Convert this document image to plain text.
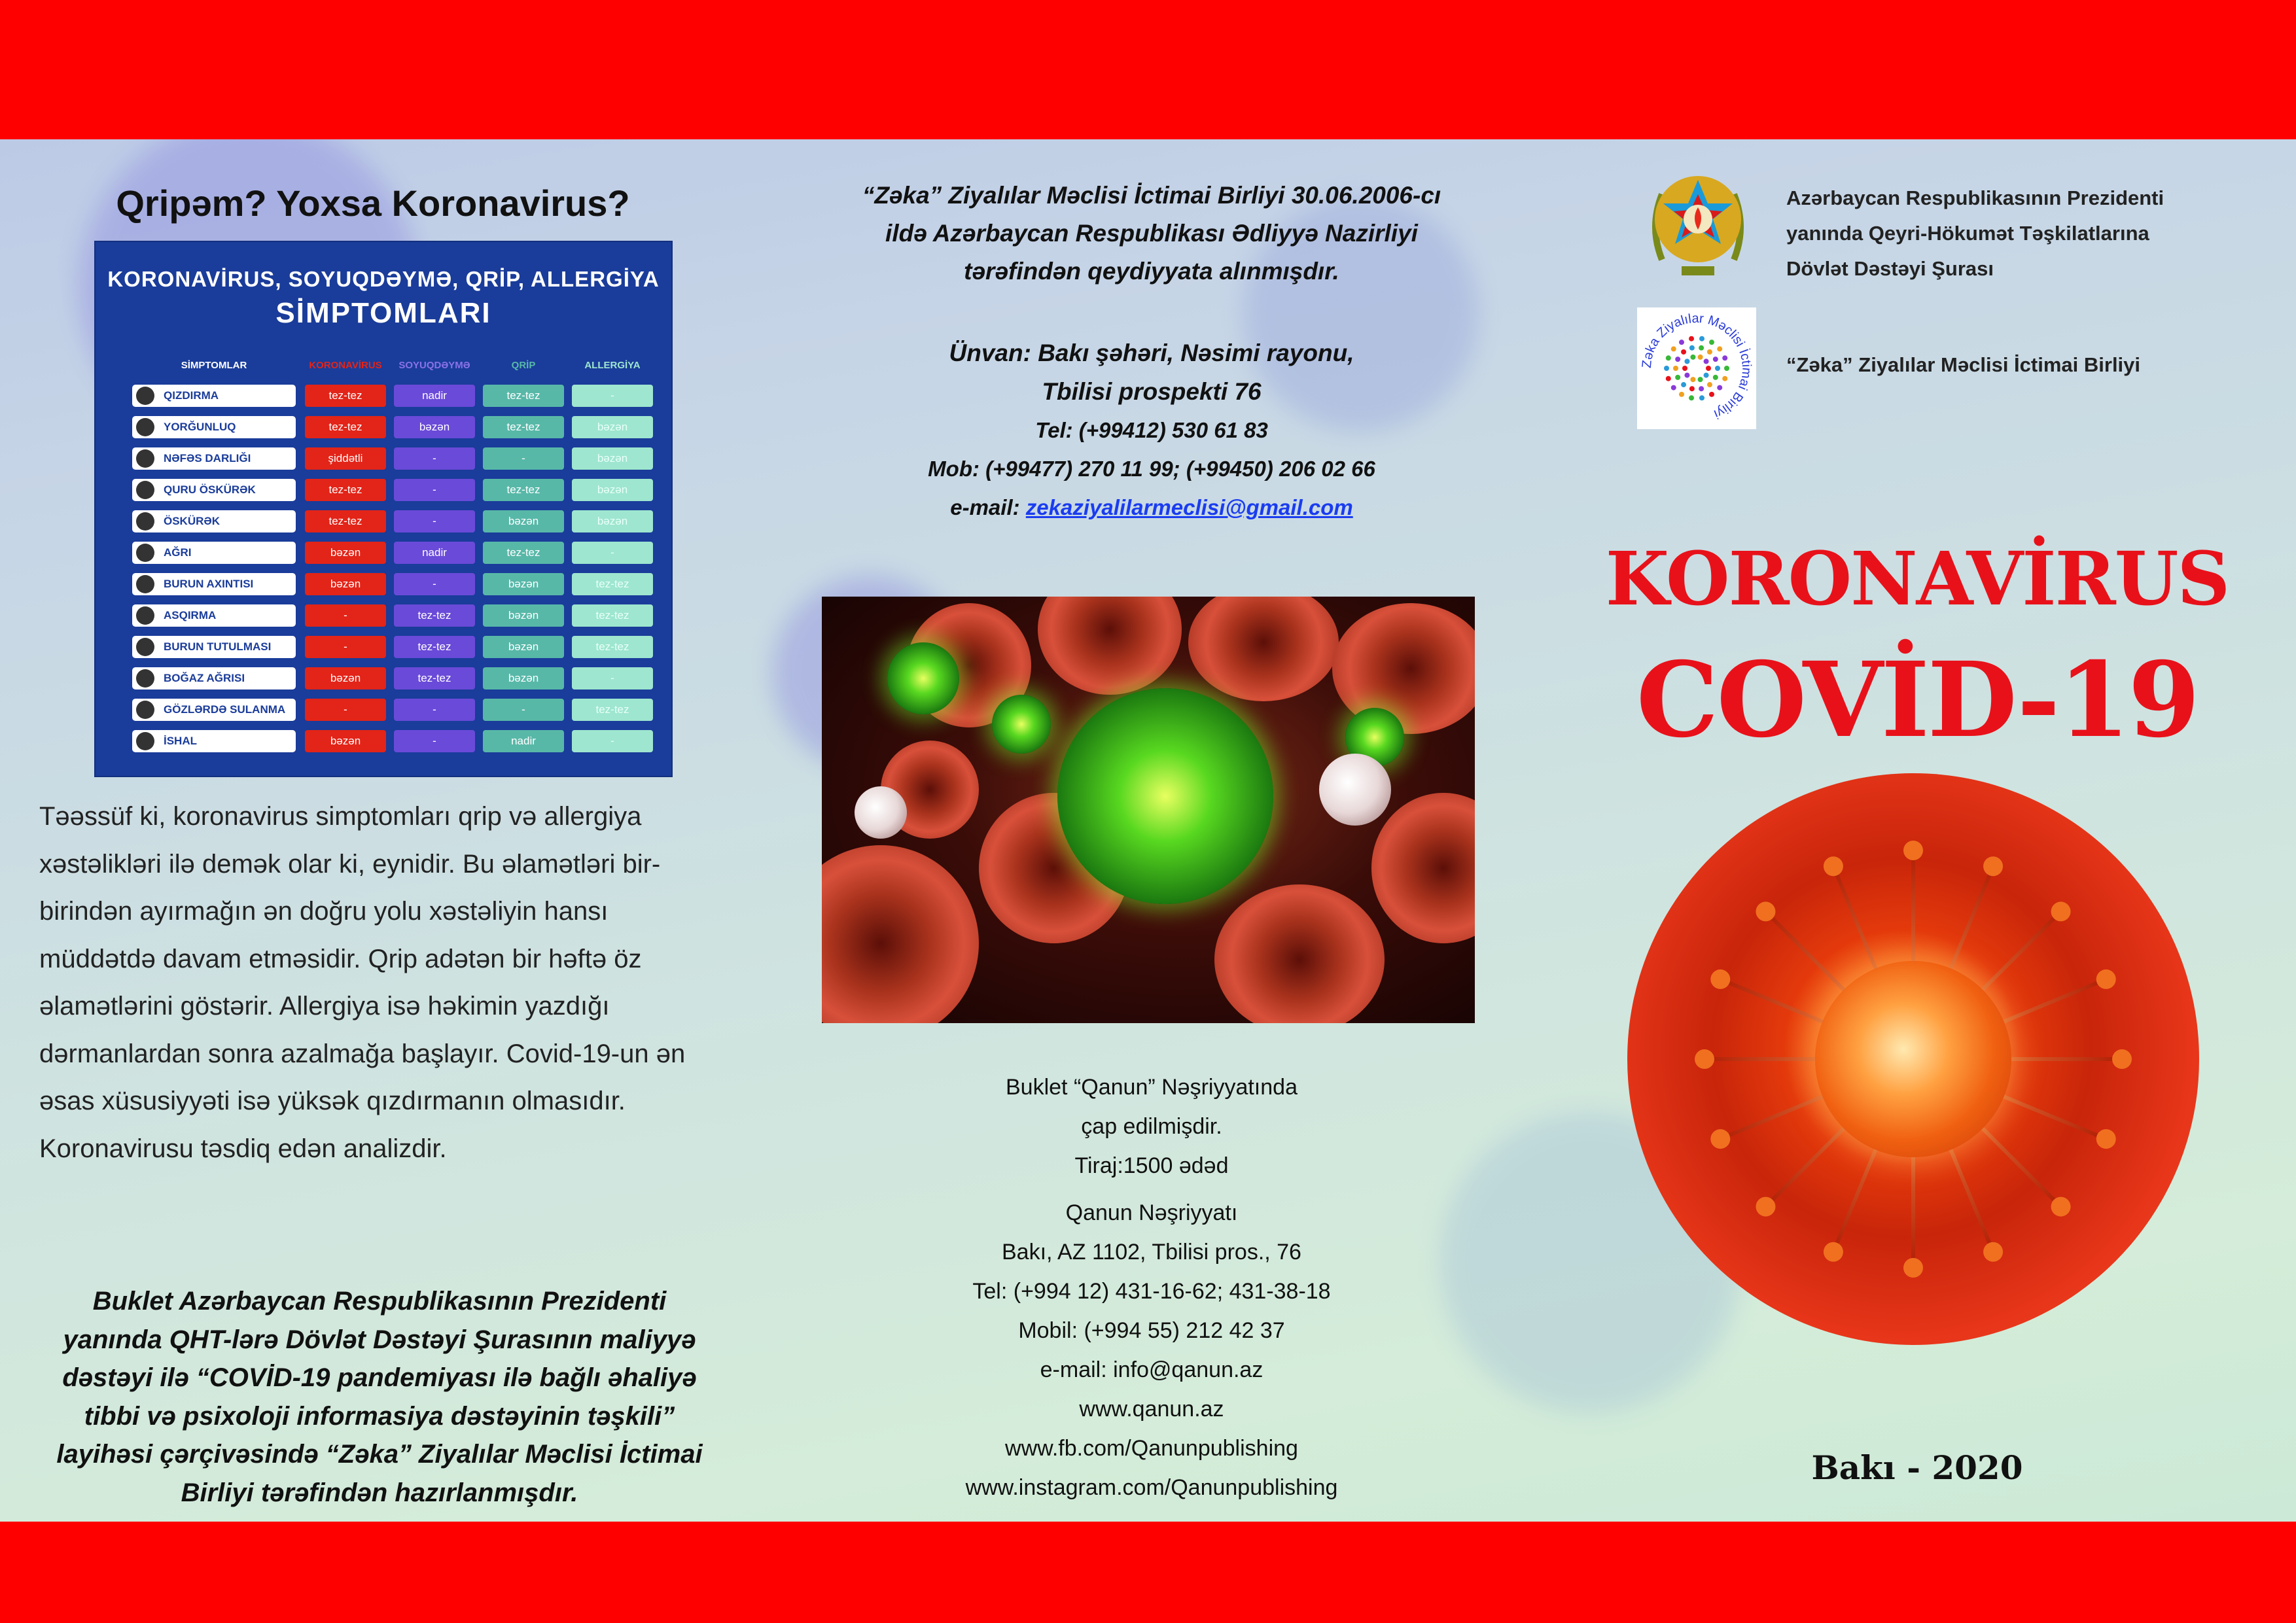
Qripəm? Yoxsa Koronavirus?
KORONAVİRUS, SOYUQDƏYMƏ, QRİP, ALLERGİYA
SİMPTOMLARI
SİMPTOMLAR	KORONAVİRUS	SOYUQDƏYMƏ	QRİP	ALLERGİYA
QIZDIRMA	tez-tez	nadir	tez-tez	-
YORĞUNLUQ	tez-tez	bəzən	tez-tez	bəzən
NƏFƏS DARLIĞI	şiddətli	-	-	bəzən
QURU ÖSKÜRƏK	tez-tez	-	tez-tez	bəzən
ÖSKÜRƏK	tez-tez	-	bəzən	bəzən
AĞRI	bəzən	nadir	tez-tez	-
BURUN AXINTISI	bəzən	-	bəzən	tez-tez
ASQIRMA	-	tez-tez	bəzən	tez-tez
BURUN TUTULMASI	-	tez-tez	bəzən	tez-tez
BOĞAZ AĞRISI	bəzən	tez-tez	bəzən	-
GÖZLƏRDƏ SULANMA	-	-	-	tez-tez
İSHAL	bəzən	-	nadir	-
Təəssüf ki, koronavirus simptomları qrip və allergiya
xəstəlikləri ilə demək olar ki, eynidir. Bu əlamətləri bir-
birindən ayırmağın ən doğru yolu xəstəliyin hansı
müddətdə davam etməsidir. Qrip adətən bir həftə öz
əlamətlərini göstərir. Allergiya isə həkimin yazdığı
dərmanlardan sonra azalmağa başlayır. Covid-19-un ən
əsas xüsusiyyəti isə yüksək qızdırmanın olmasıdır.
Koronavirusu təsdiq edən analizdir.
Buklet Azərbaycan Respublikasının Prezidenti
yanında QHT-lərə Dövlət Dəstəyi Şurasının maliyyə
dəstəyi ilə “COVİD-19 pandemiyası ilə bağlı əhaliyə
tibbi və psixoloji informasiya dəstəyinin təşkili”
layihəsi çərçivəsində “Zəka” Ziyalılar Məclisi İctimai
Birliyi tərəfindən hazırlanmışdır.
“Zəka” Ziyalılar Məclisi İctimai Birliyi 30.06.2006-cı
ildə Azərbaycan Respublikası Ədliyyə Nazirliyi
tərəfindən qeydiyyata alınmışdır.
Ünvan: Bakı şəhəri, Nəsimi rayonu,
Tbilisi prospekti 76
Tel: (+99412) 530 61 83
Mob: (+99477) 270 11 99; (+99450) 206 02 66
e-mail: zekaziyalilarmeclisi@gmail.com
Buklet “Qanun” Nəşriyyatında
çap edilmişdir.
Tiraj:1500 ədəd
Qanun Nəşriyyatı
Bakı, AZ 1102, Tbilisi pros., 76
Tel: (+994 12) 431-16-62; 431-38-18
Mobil: (+994 55) 212 42 37
e-mail: info@qanun.az
www.qanun.az
www.fb.com/Qanunpublishing
www.instagram.com/Qanunpublishing
Azərbaycan Respublikasının Prezidenti
yanında Qeyri-Hökumət Təşkilatlarına
Dövlət Dəstəyi Şurası
Zəka Ziyalılar Məclisi İctimai Birliyi
“Zəka” Ziyalılar Məclisi İctimai Birliyi
KORONAVİRUS
COVİD-19
Bakı - 2020
